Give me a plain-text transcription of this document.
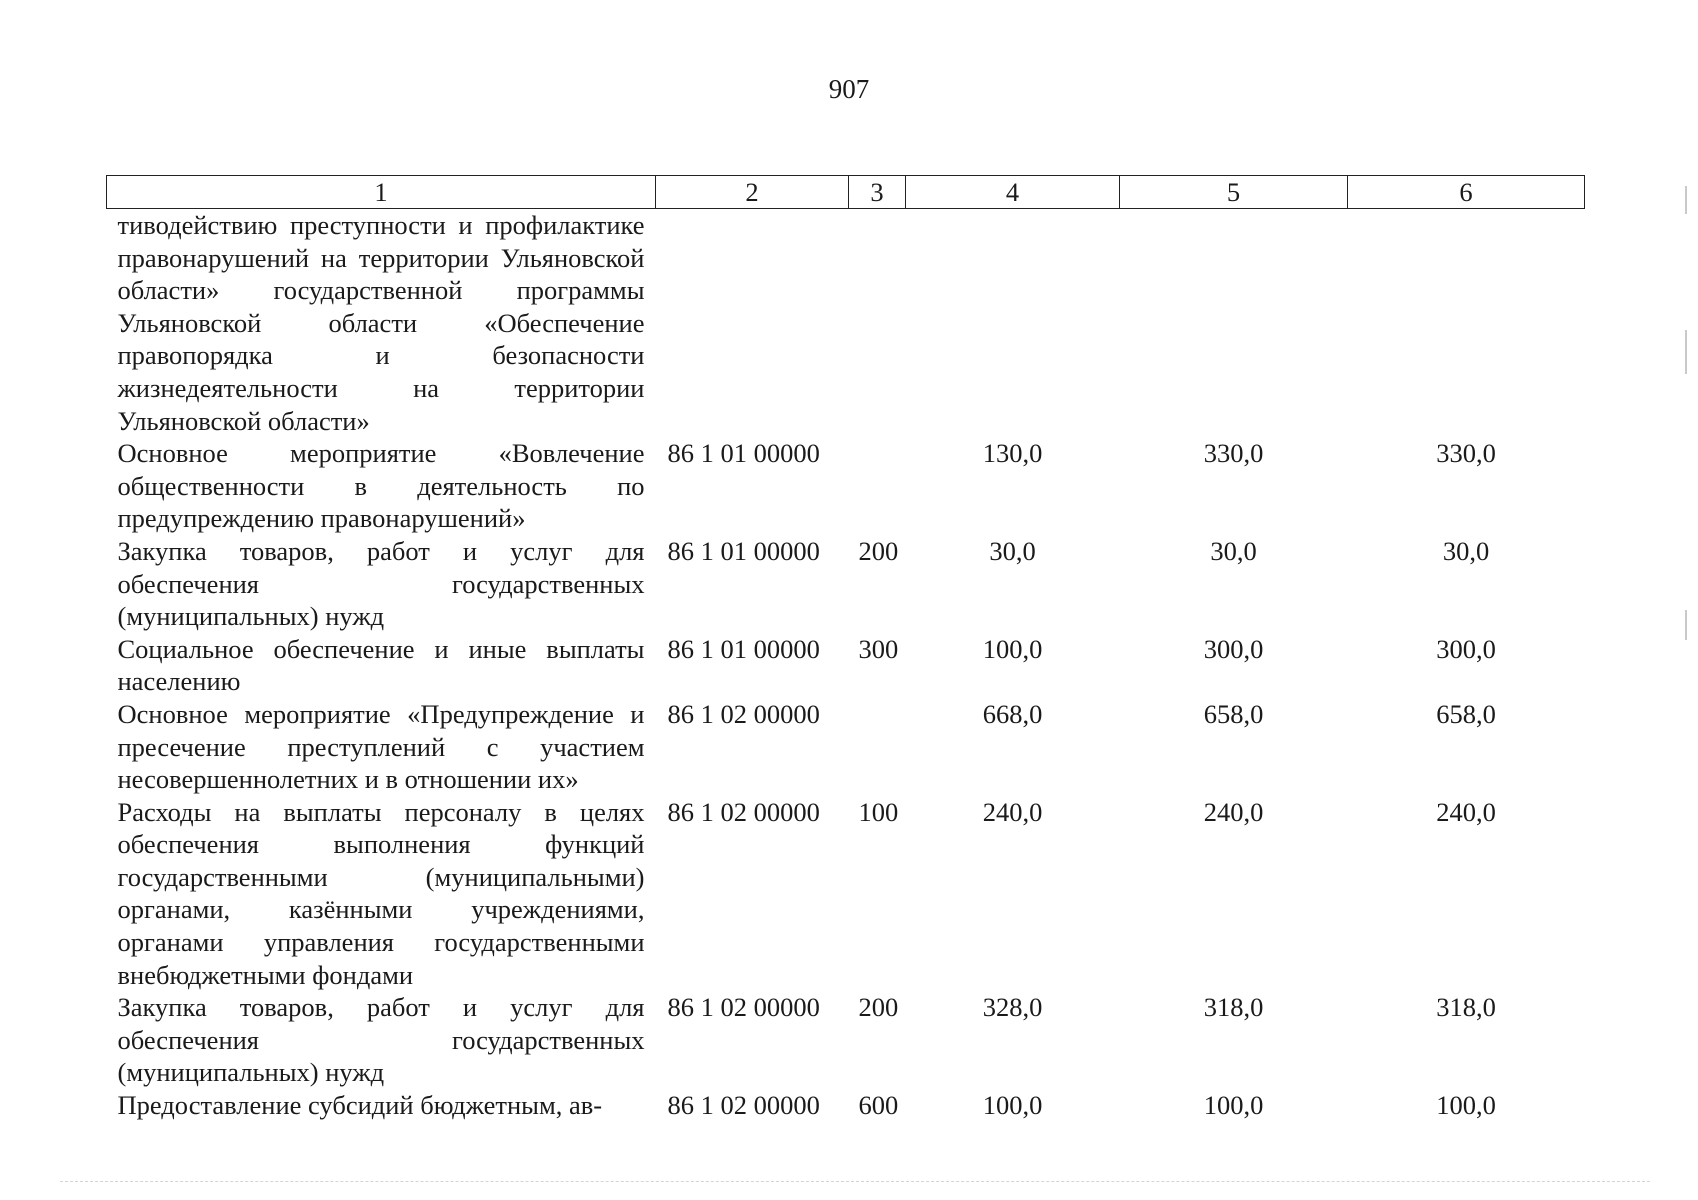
907
1	2	3	4	5	6
тиводействию преступности и профилактике правонарушений на территории Ульяновской области» государственной программы Ульяновской области «Обеспечение правопорядка и безопасности жизнедеятельности на территории Ульяновской области»					
Основное мероприятие «Вовлечение общественности в деятельность по предупреждению правонарушений»	86 1 01 00000		130,0	330,0	330,0
Закупка товаров, работ и услуг для обеспечения государственных (муниципальных) нужд	86 1 01 00000	200	30,0	30,0	30,0
Социальное обеспечение и иные выплаты населению	86 1 01 00000	300	100,0	300,0	300,0
Основное мероприятие «Предупреждение и пресечение преступлений с участием несовершеннолетних и в отношении их»	86 1 02 00000		668,0	658,0	658,0
Расходы на выплаты персоналу в целях обеспечения выполнения функций государственными (муниципальными) органами, казёнными учреждениями, органами управления государственными внебюджетными фондами	86 1 02 00000	100	240,0	240,0	240,0
Закупка товаров, работ и услуг для обеспечения государственных (муниципальных) нужд	86 1 02 00000	200	328,0	318,0	318,0
Предоставление субсидий бюджетным, ав-	86 1 02 00000	600	100,0	100,0	100,0
